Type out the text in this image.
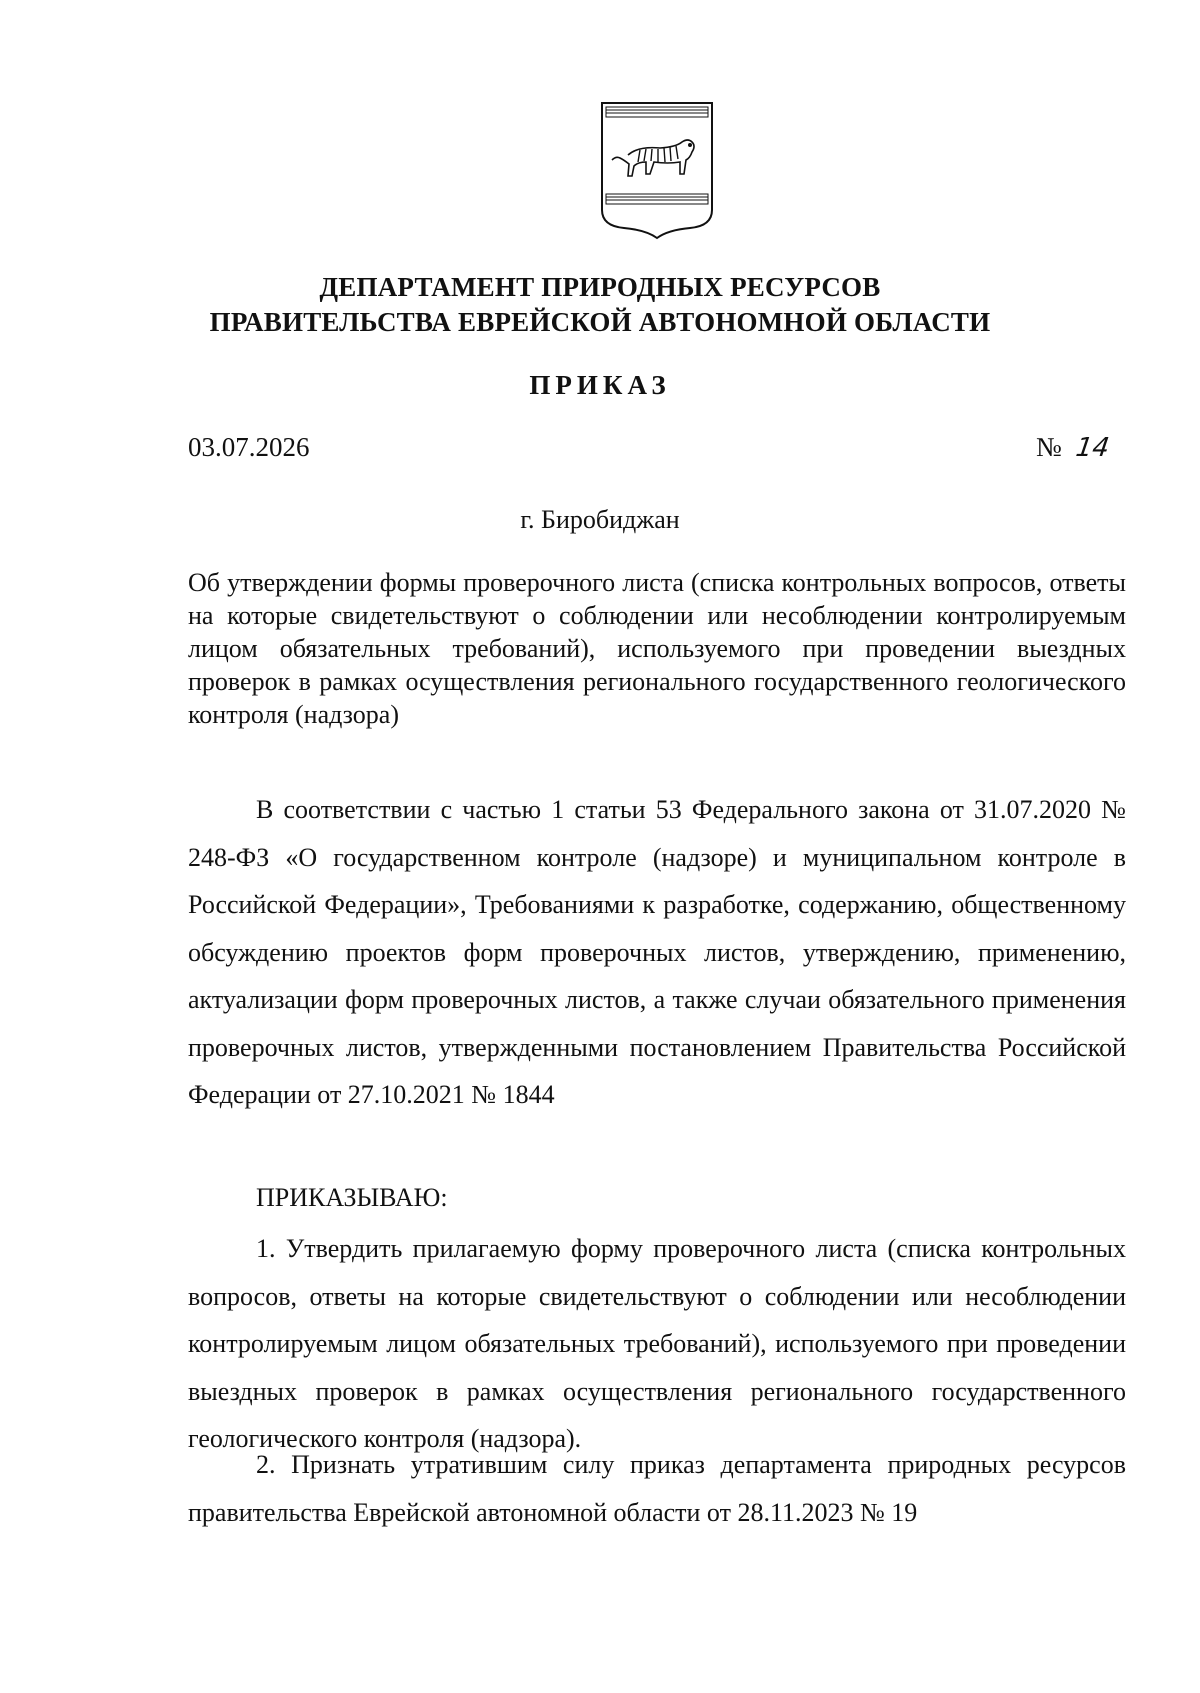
ДЕПАРТАМЕНТ ПРИРОДНЫХ РЕСУРСОВ
ПРАВИТЕЛЬСТВА ЕВРЕЙСКОЙ АВТОНОМНОЙ ОБЛАСТИ
ПРИКАЗ
03.07.2026	№ 14
г. Биробиджан
Об утверждении формы проверочного листа (списка контрольных вопросов, ответы на которые свидетельствуют о соблюдении или несоблюдении контролируемым лицом обязательных требований), используемого при проведении выездных проверок в рамках осуществления регионального государственного геологического контроля (надзора)
В соответствии с частью 1 статьи 53 Федерального закона от 31.07.2020 № 248-ФЗ «О государственном контроле (надзоре) и муниципальном контроле в Российской Федерации», Требованиями к разработке, содержанию, общественному обсуждению проектов форм проверочных листов, утверждению, применению, актуализации форм проверочных листов, а также случаи обязательного применения проверочных листов, утвержденными постановлением Правительства Российской Федерации от 27.10.2021 № 1844
ПРИКАЗЫВАЮ:
1. Утвердить прилагаемую форму проверочного листа (списка контрольных вопросов, ответы на которые свидетельствуют о соблюдении или несоблюдении контролируемым лицом обязательных требований), используемого при проведении выездных проверок в рамках осуществления регионального государственного геологического контроля (надзора).
2. Признать утратившим силу приказ департамента природных ресурсов правительства Еврейской автономной области от 28.11.2023 № 19
